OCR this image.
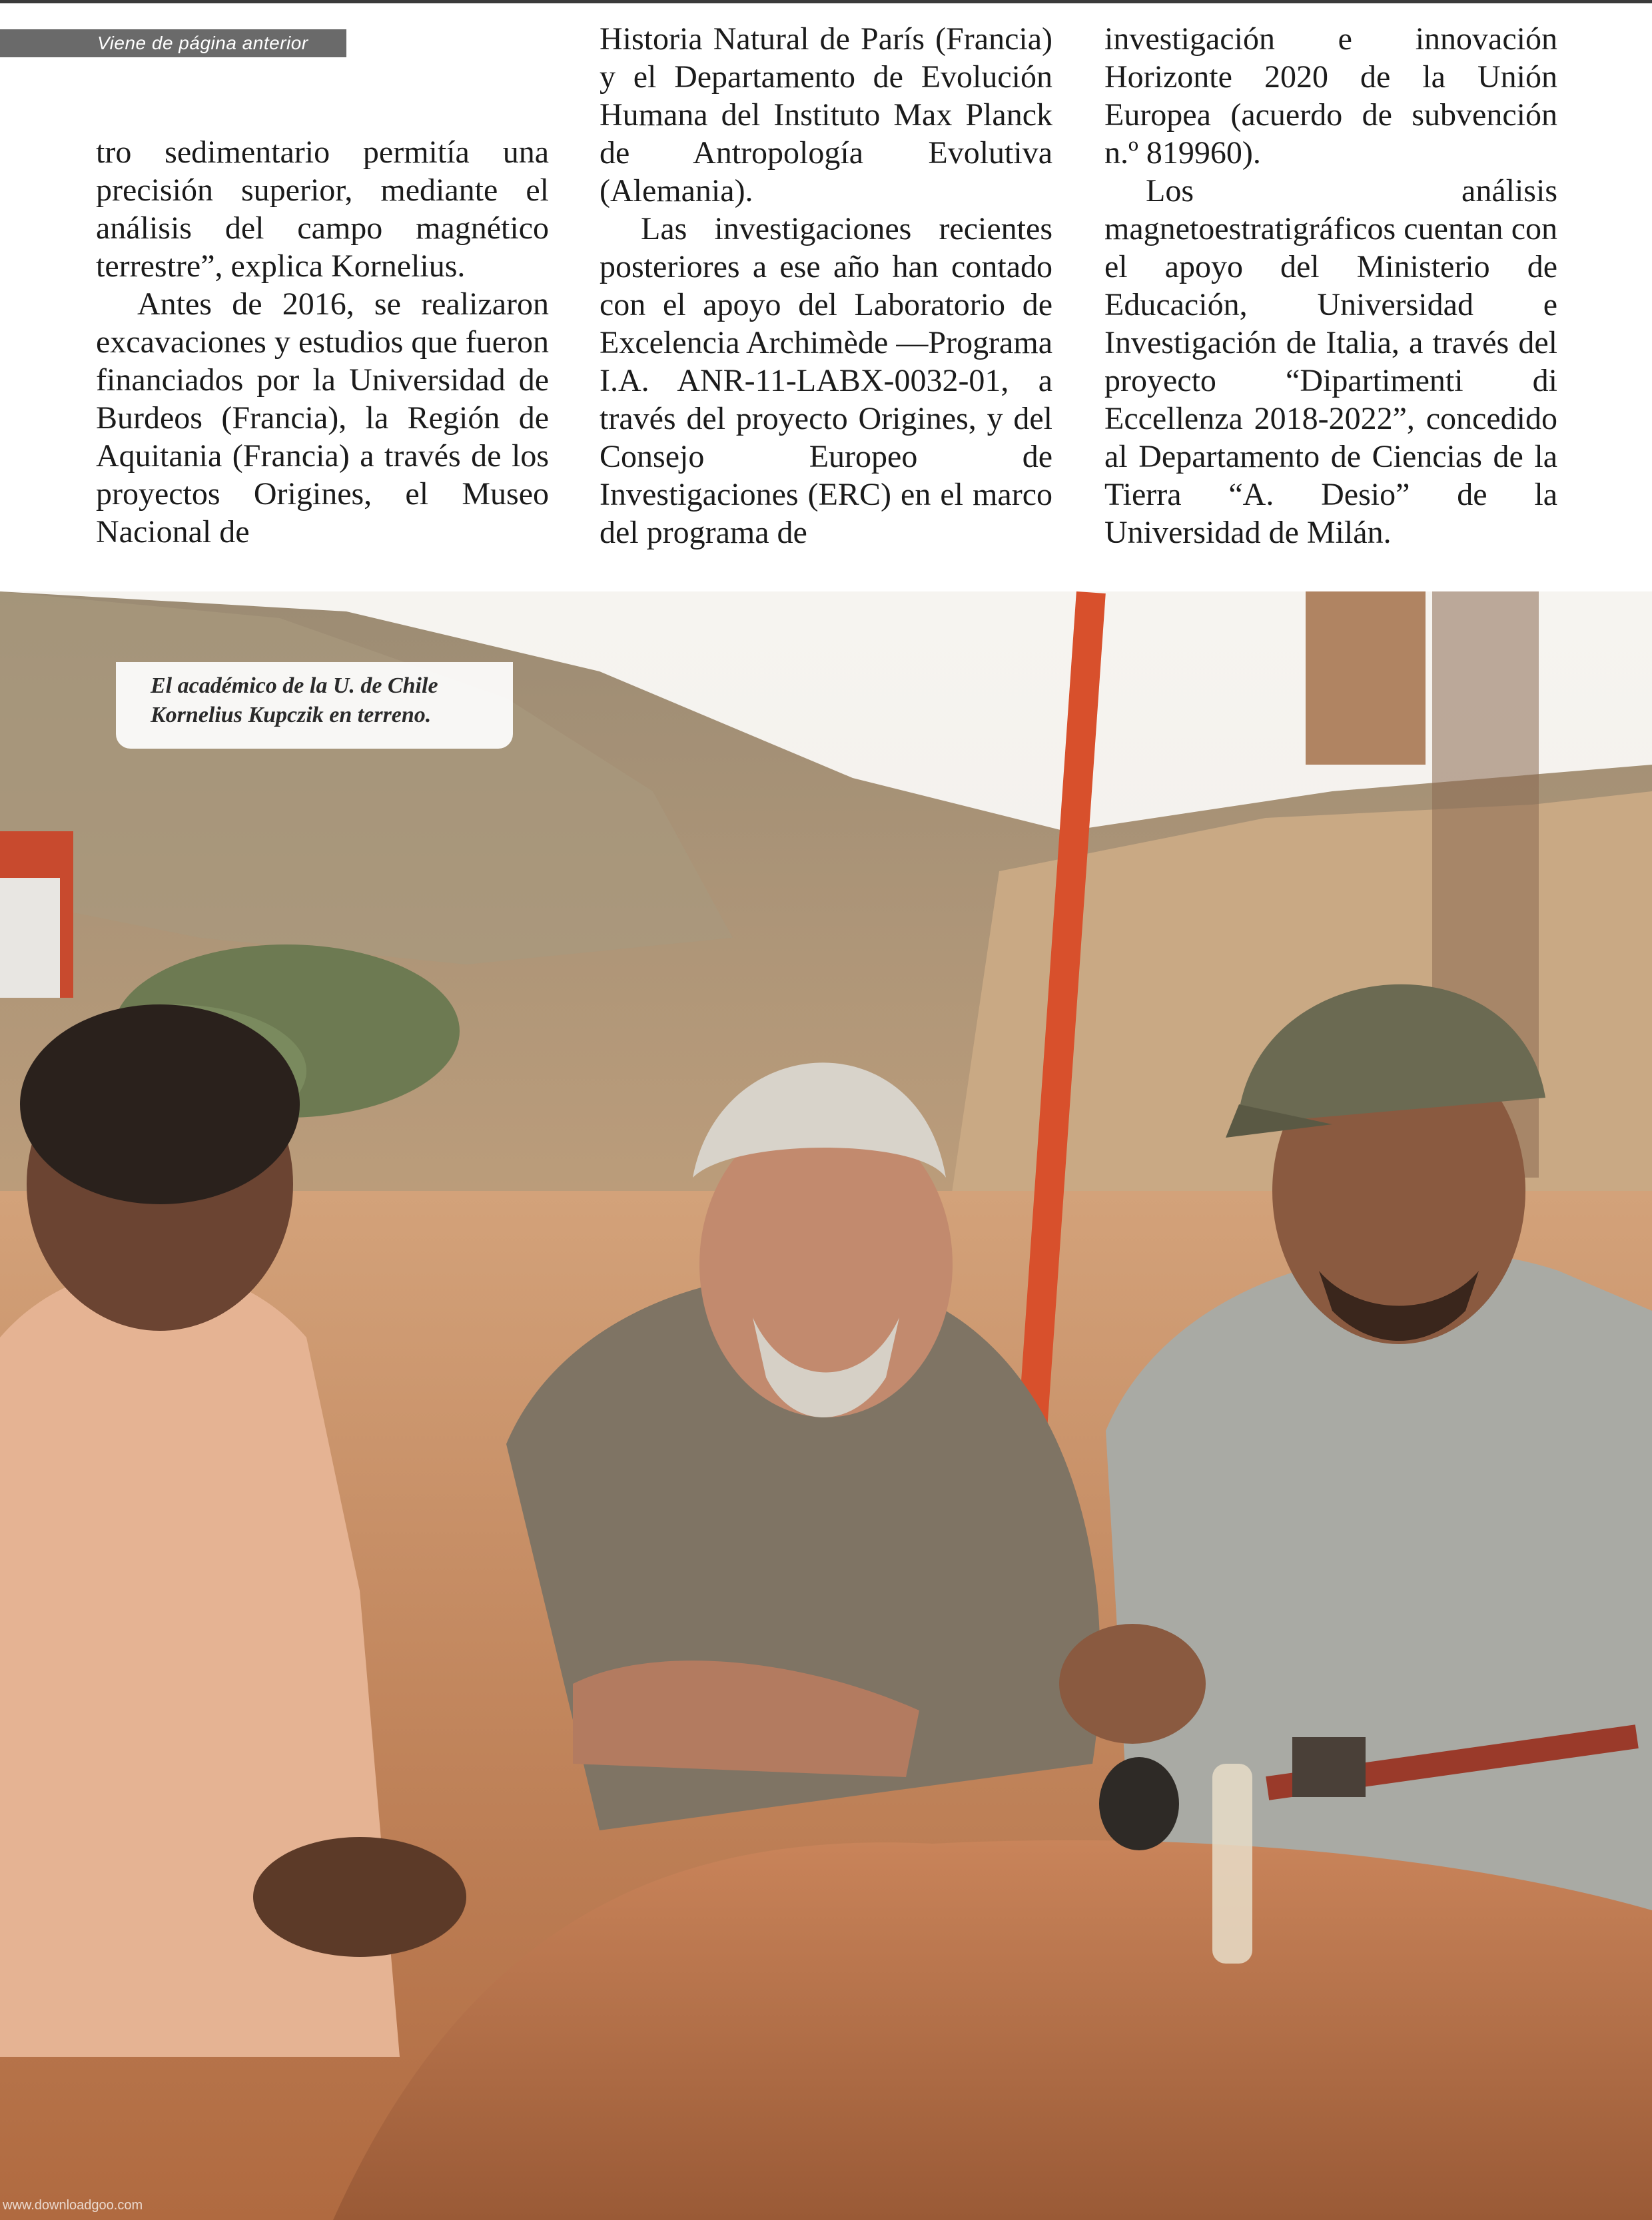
Viene de página anterior

tro sedimentario permitía una precisión superior, mediante el análisis del campo magnético terrestre”, explica Kornelius.

Antes de 2016, se realizaron excavaciones y estudios que fueron financiados por la Universidad de Burdeos (Francia), la Región de Aquitania (Francia) a través de los proyectos Origines, el Museo Nacional de

Historia Natural de París (Francia) y el Departamento de Evolución Humana del Instituto Max Planck de Antropología Evolutiva (Alemania).

Las investigaciones recientes posteriores a ese año han contado con el apoyo del Laboratorio de Excelencia Archimède —Programa I.A. ANR-11-LABX-0032-01, a través del proyecto Origines, y del Consejo Europeo de Investigaciones (ERC) en el marco del programa de

investigación e innovación Horizonte 2020 de la Unión Europea (acuerdo de subvención n.º 819960).

Los análisis magnetoestratigráficos cuentan con el apoyo del Ministerio de Educación, Universidad e Investigación de Italia, a través del proyecto “Dipartimenti di Eccellenza 2018-2022”, concedido al Departamento de Ciencias de la Tierra “A. Desio” de la Universidad de Milán.

El académico de la U. de Chile
Kornelius Kupczik en terreno.
www.downloadgoo.com
